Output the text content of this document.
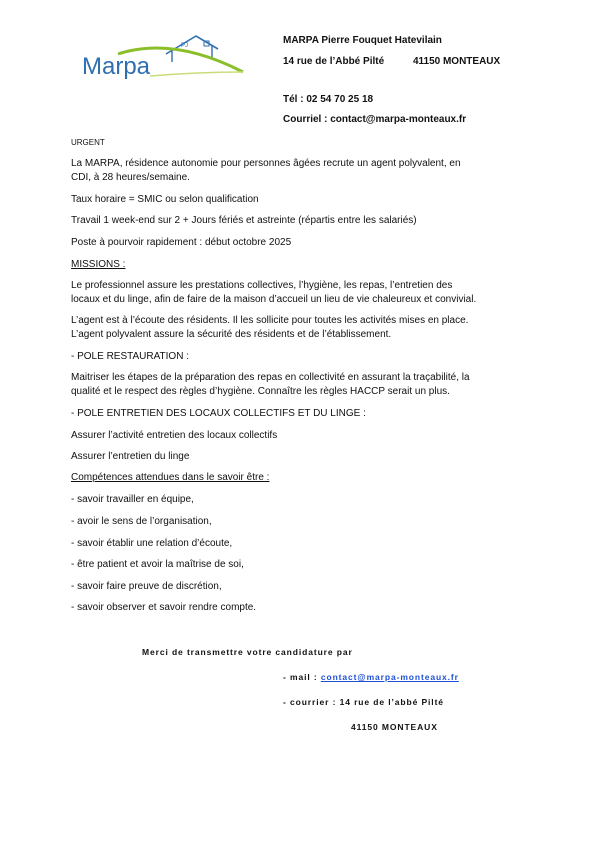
PJ
Marpa
MARPA Pierre Fouquet Hatevilain
14 rue de l’Abbé Pilté	41150 MONTEAUX
Tél : 02 54 70 25 18
Courriel : contact@marpa-monteaux.fr
URGENT
La MARPA, résidence autonomie pour personnes âgées recrute un agent polyvalent, en
CDI, à 28 heures/semaine.
Taux horaire = SMIC ou selon qualification
Travail 1 week-end sur 2 + Jours fériés et astreinte (répartis entre les salariés)
Poste à pourvoir rapidement : début octobre 2025
MISSIONS :
Le professionnel assure les prestations collectives, l’hygiène, les repas, l’entretien des
locaux et du linge, afin de faire de la maison d’accueil un lieu de vie chaleureux et convivial.
L’agent est à l’écoute des résidents. Il les sollicite pour toutes les activités mises en place.
L’agent polyvalent assure la sécurité des résidents et de l’établissement.
- POLE RESTAURATION :
Maitriser les étapes de la préparation des repas en collectivité en assurant la traçabilité, la
qualité et le respect des règles d’hygiène. Connaître les règles HACCP serait un plus.
- POLE ENTRETIEN DES LOCAUX COLLECTIFS ET DU LINGE :
Assurer l’activité entretien des locaux collectifs
Assurer l’entretien du linge
Compétences attendues dans le savoir être :
- savoir travailler en équipe,
- avoir le sens de l’organisation,
- savoir établir une relation d’écoute,
- être patient et avoir la maîtrise de soi,
- savoir faire preuve de discrétion,
- savoir observer et savoir rendre compte.
Merci de transmettre votre candidature par
- mail : contact@marpa-monteaux.fr
- courrier : 14 rue de l’abbé Pilté
41150 MONTEAUX
